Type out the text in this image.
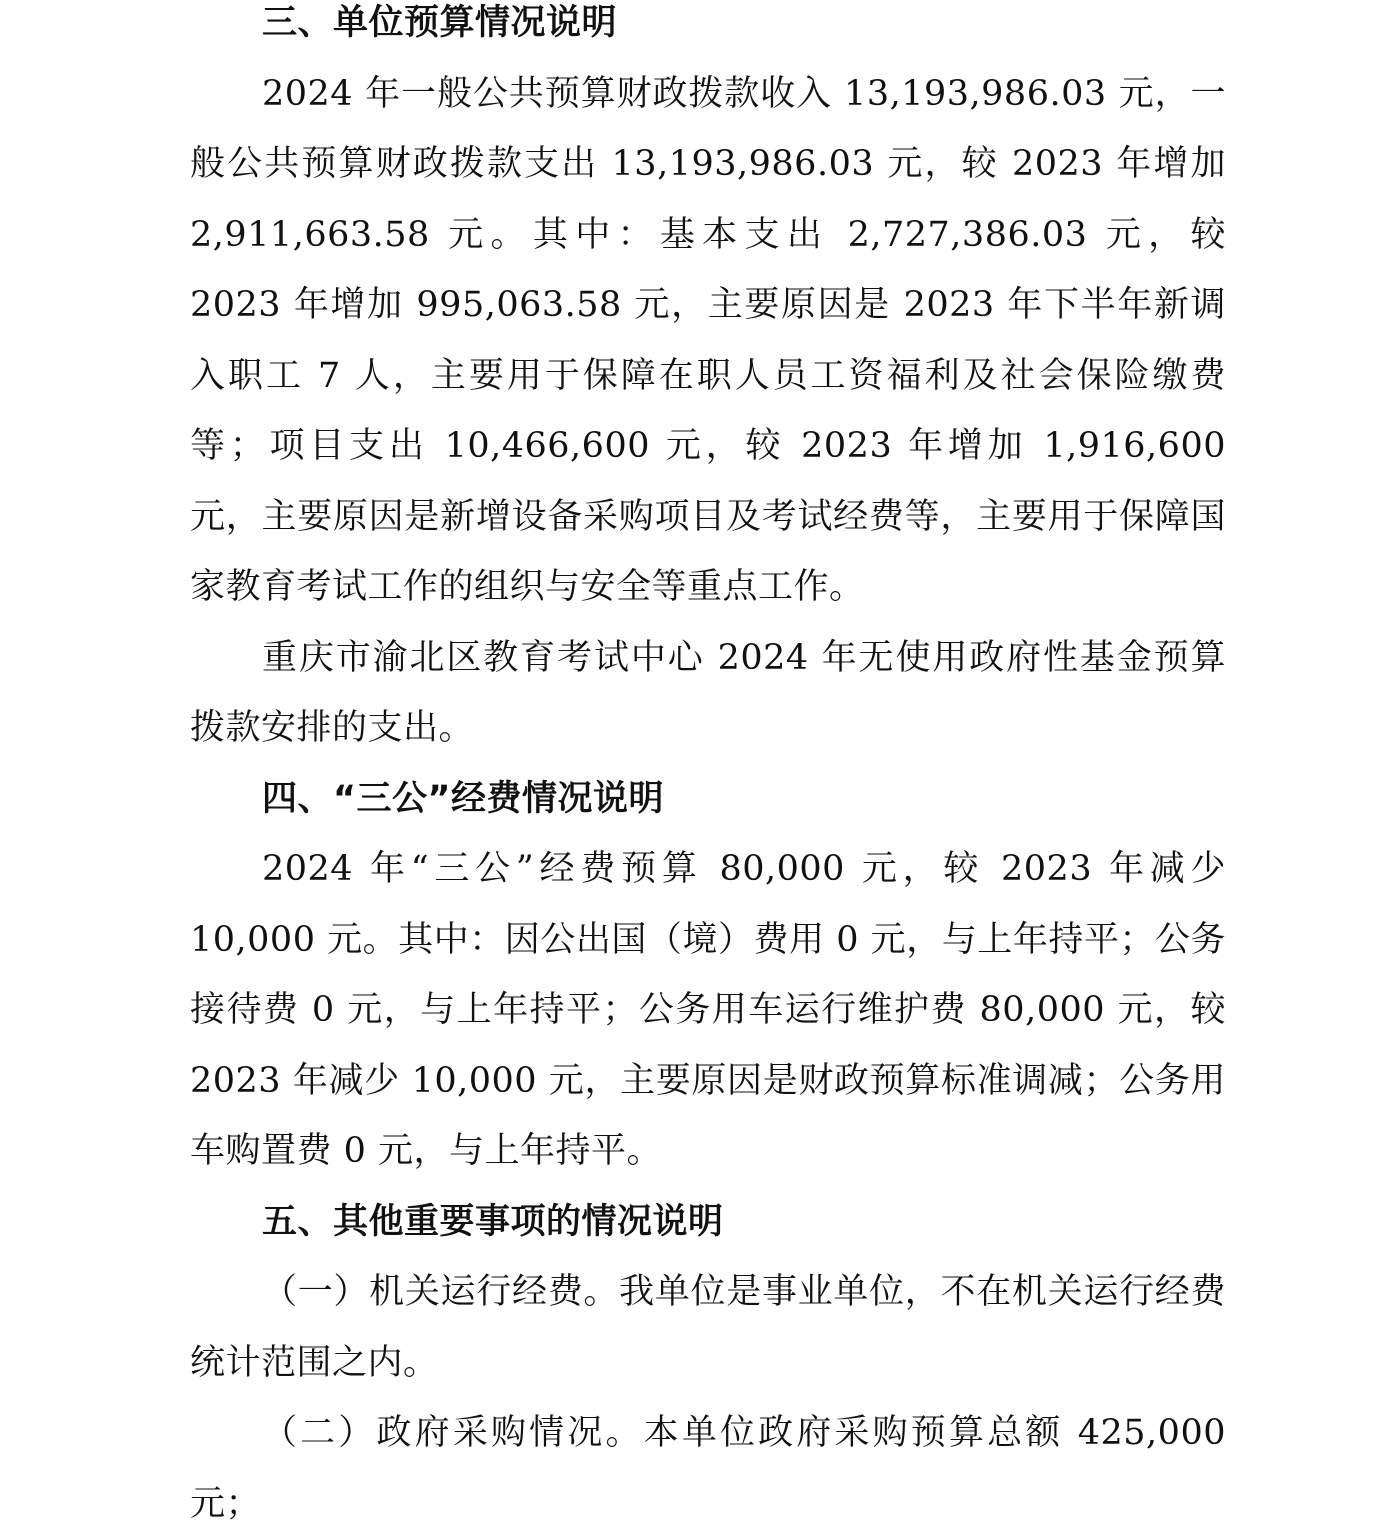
三、单位预算情况说明

2024 年一般公共预算财政拨款收入 13,193,986.03 元，一般公共预算财政拨款支出 13,193,986.03 元，较 2023 年增加 2,911,663.58 元。其中：基本支出 2,727,386.03 元，较 2023 年增加 995,063.58 元，主要原因是 2023 年下半年新调入职工 7 人，主要用于保障在职人员工资福利及社会保险缴费等；项目支出 10,466,600 元，较 2023 年增加 1,916,600 元，主要原因是新增设备采购项目及考试经费等，主要用于保障国家教育考试工作的组织与安全等重点工作。

重庆市渝北区教育考试中心 2024 年无使用政府性基金预算拨款安排的支出。

四、“三公”经费情况说明

2024 年“三公”经费预算 80,000 元，较 2023 年减少 10,000 元。其中：因公出国（境）费用 0 元，与上年持平；公务接待费 0 元，与上年持平；公务用车运行维护费 80,000 元，较 2023 年减少 10,000 元，主要原因是财政预算标准调减；公务用车购置费 0 元，与上年持平。

五、其他重要事项的情况说明

（一）机关运行经费。我单位是事业单位，不在机关运行经费统计范围之内。

（二）政府采购情况。本单位政府采购预算总额 425,000 元；
